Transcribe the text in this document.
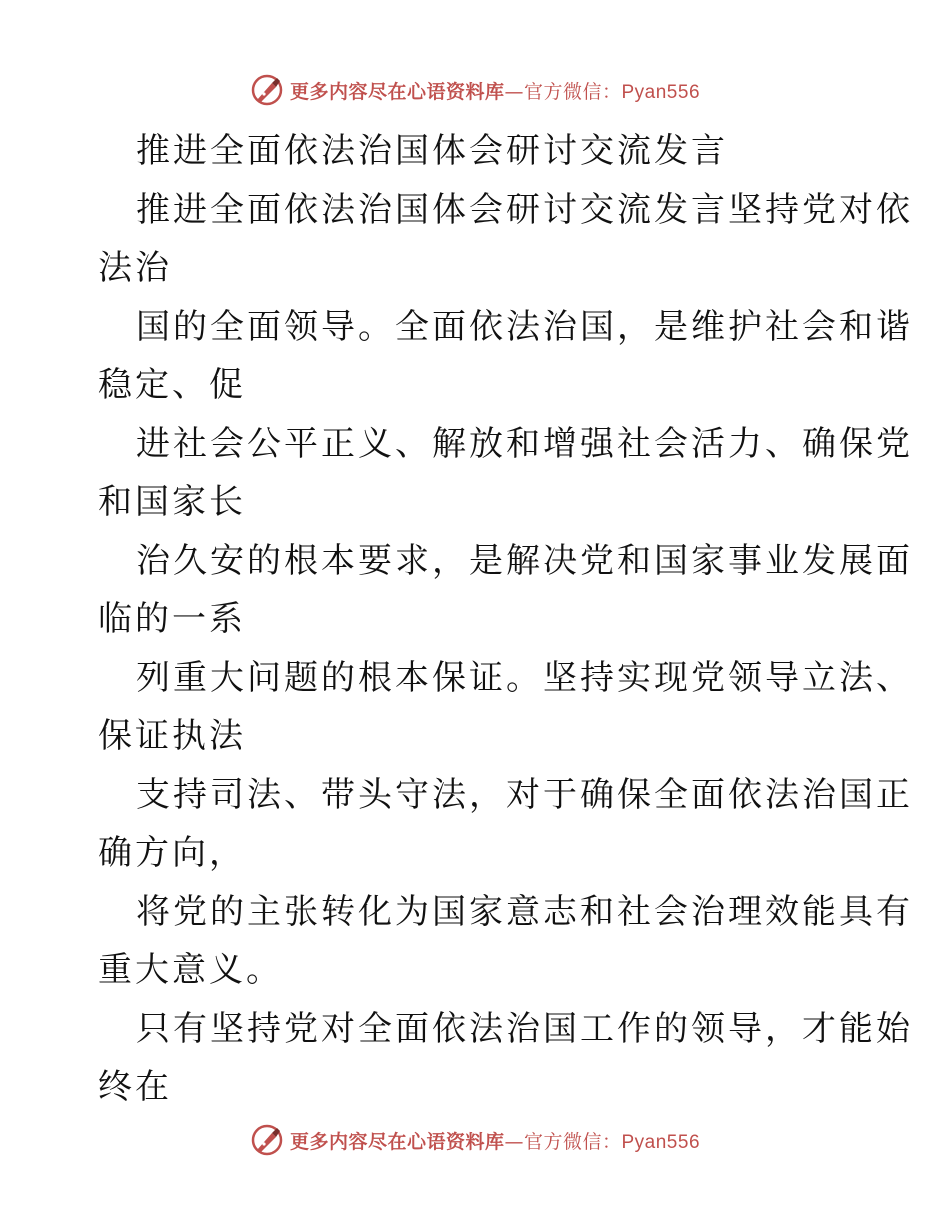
更多内容尽在心语资料库—官方微信：Pyan556
推进全面依法治国体会研讨交流发言
推进全面依法治国体会研讨交流发言坚持党对依
法治
国的全面领导。全面依法治国，是维护社会和谐
稳定、促
进社会公平正义、解放和增强社会活力、确保党
和国家长
治久安的根本要求，是解决党和国家事业发展面
临的一系
列重大问题的根本保证。坚持实现党领导立法、
保证执法
支持司法、带头守法，对于确保全面依法治国正
确方向，
将党的主张转化为国家意志和社会治理效能具有
重大意义。
只有坚持党对全面依法治国工作的领导，才能始
终在
更多内容尽在心语资料库—官方微信：Pyan556
